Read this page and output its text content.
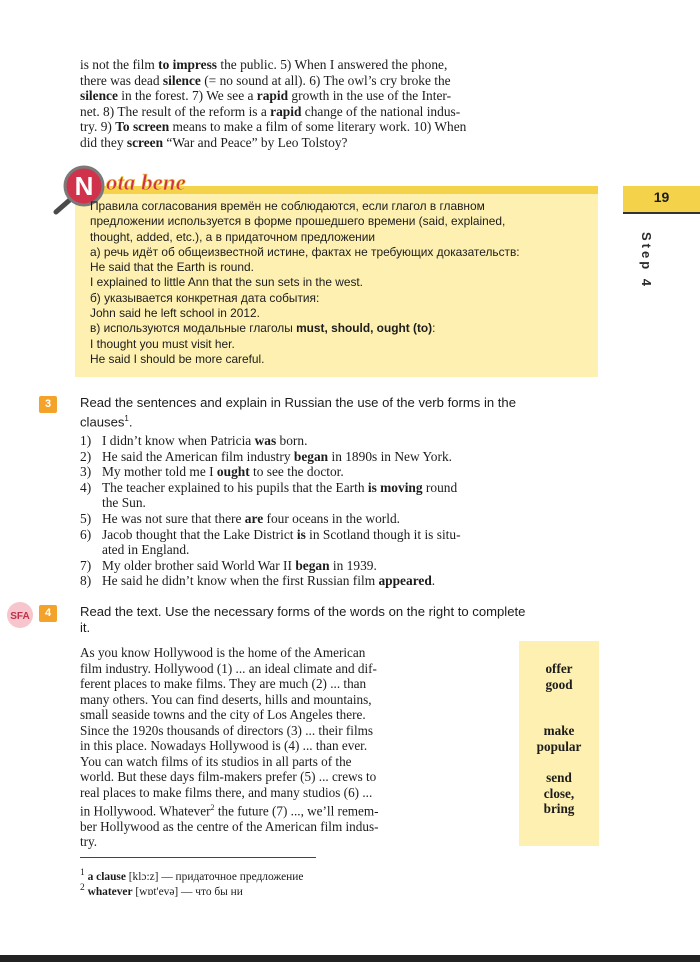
is not the film to impress the public. 5) When I answered the phone,
there was dead silence (= no sound at all). 6) The owl’s cry broke the
silence in the forest. 7) We see a rapid growth in the use of the Inter-
net. 8) The result of the reform is a rapid change of the national indus-
try. 9) To screen means to make a film of some literary work. 10) When
did they screen “War and Peace” by Leo Tolstoy?
N ota bene
Правила согласования времён не соблюдаются, если глагол в главном
предложении используется в форме прошедшего времени (said, explained,
thought, added, etc.), а в придаточном предложении
а) речь идёт об общеизвестной истине, фактах не требующих доказательств:
He said that the Earth is round.
I explained to little Ann that the sun sets in the west.
б) указывается конкретная дата события:
John said he left school in 2012.
в) используются модальные глаголы must, should, ought (to):
I thought you must visit her.
He said I should be more careful.
19
Step 4
3	Read the sentences and explain in Russian the use of the verb forms in the
clauses$^1$.
1) I didn’t know when Patricia was born.
2) He said the American film industry began in 1890s in New York.
3) My mother told me I ought to see the doctor.
4) The teacher explained to his pupils that the Earth is moving round
the Sun.
5) He was not sure that there are four oceans in the world.
6) Jacob thought that the Lake District is in Scotland though it is situ-
ated in England.
7) My older brother said World War II began in 1939.
8) He said he didn’t know when the first Russian film appeared.
SFA	4	Read the text. Use the necessary forms of the words on the right to complete
it.
As you know Hollywood is the home of the American
film industry. Hollywood (1) ... an ideal climate and dif-
ferent places to make films. They are much (2) ... than
many others. You can find deserts, hills and mountains,
small seaside towns and the city of Los Angeles there.
Since the 1920s thousands of directors (3) ... their films
in this place. Nowadays Hollywood is (4) ... than ever.
You can watch films of its studios in all parts of the
world. But these days film-makers prefer (5) ... crews to
real places to make films there, and many studios (6) ...
in Hollywood. Whatever$^2$ the future (7) ..., we’ll remem-
ber Hollywood as the centre of the American film indus-
try.
offer
good
make
popular
send
close,
bring
$^1$ a clause [klɔ:z] — придаточное предложение
$^2$ whatever [wɒt'evə] — что бы ни
